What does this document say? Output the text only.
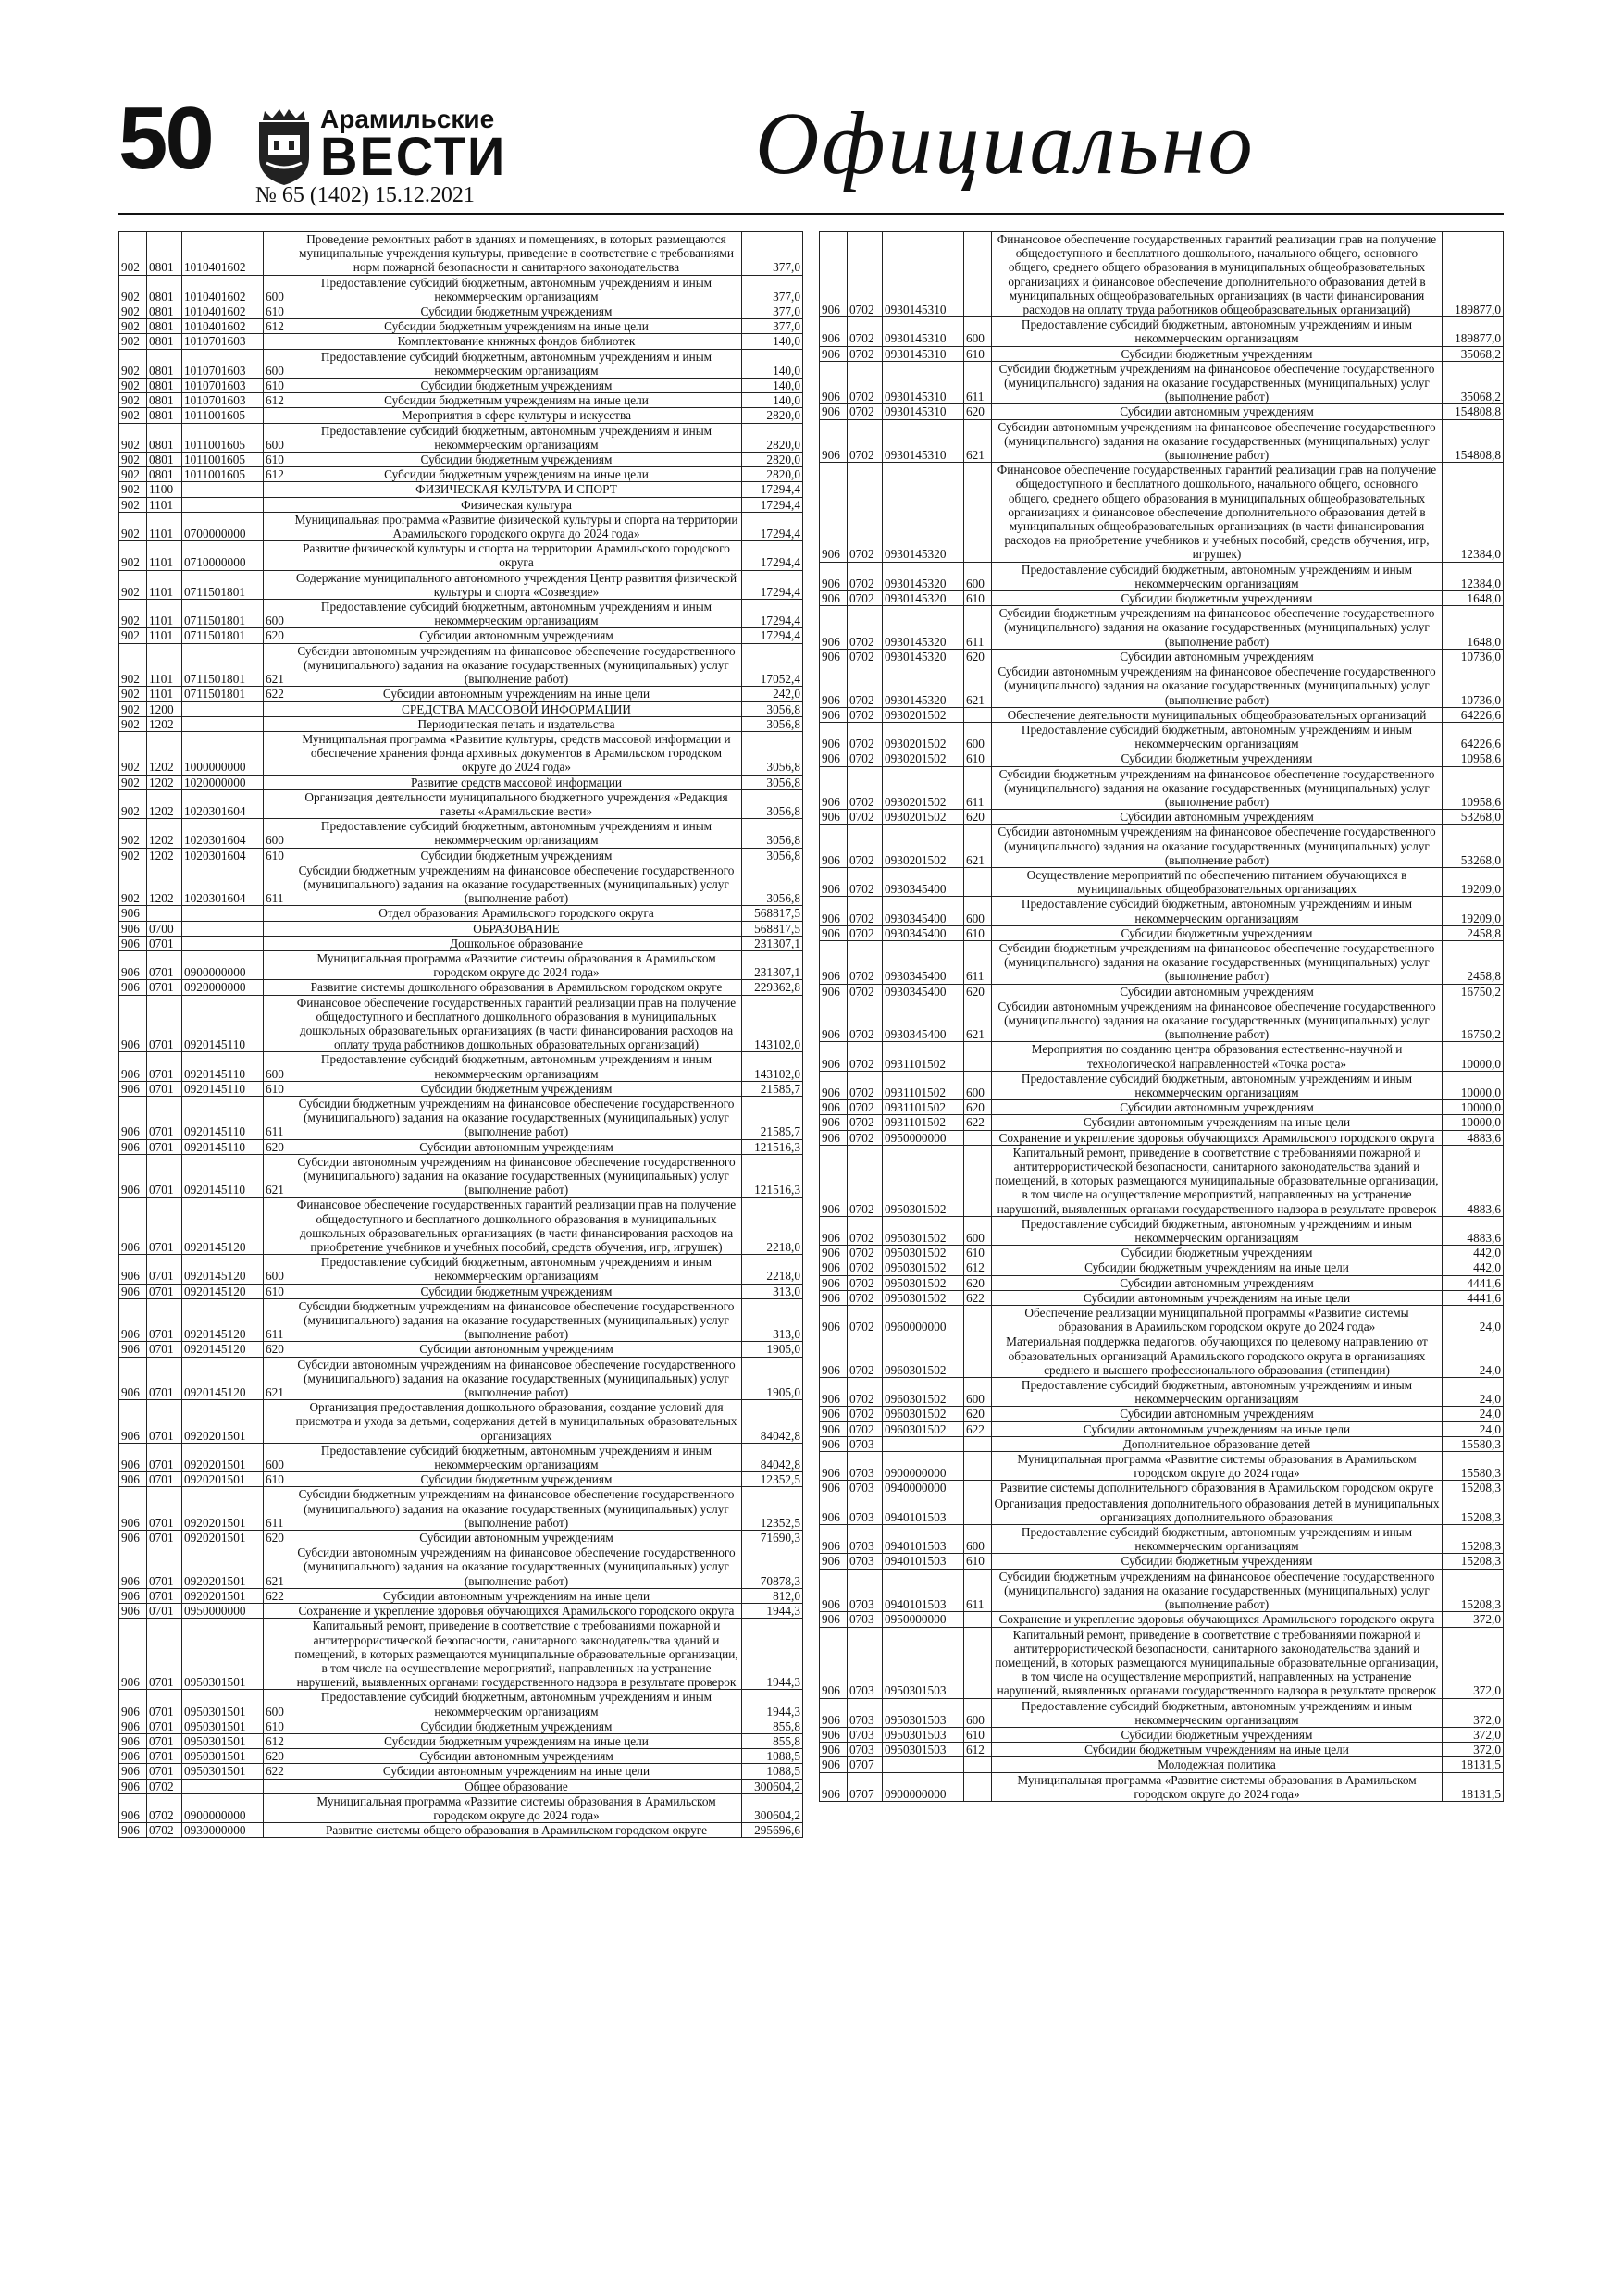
50	Арамильские
ВЕСТИ
№ 65 (1402) 15.12.2021
Официально
902	0801	1010401602		Проведение ремонтных работ в зданиях и помещениях, в которых размещаются муниципальные учреждения культуры, приведение в соответствие с требованиями норм пожарной безопасности и санитарного законодательства	377,0
902	0801	1010401602	600	Предоставление субсидий бюджетным, автономным учреждениям и иным некоммерческим организациям	377,0
902	0801	1010401602	610	Субсидии бюджетным учреждениям	377,0
902	0801	1010401602	612	Субсидии бюджетным учреждениям на иные цели	377,0
902	0801	1010701603		Комплектование книжных фондов библиотек	140,0
902	0801	1010701603	600	Предоставление субсидий бюджетным, автономным учреждениям и иным некоммерческим организациям	140,0
902	0801	1010701603	610	Субсидии бюджетным учреждениям	140,0
902	0801	1010701603	612	Субсидии бюджетным учреждениям на иные цели	140,0
902	0801	1011001605		Мероприятия в сфере культуры и искусства	2820,0
902	0801	1011001605	600	Предоставление субсидий бюджетным, автономным учреждениям и иным некоммерческим организациям	2820,0
902	0801	1011001605	610	Субсидии бюджетным учреждениям	2820,0
902	0801	1011001605	612	Субсидии бюджетным учреждениям на иные цели	2820,0
902	1100			ФИЗИЧЕСКАЯ КУЛЬТУРА И СПОРТ	17294,4
902	1101			Физическая культура	17294,4
902	1101	0700000000		Муниципальная программа «Развитие физической культуры и спорта на территории Арамильского городского округа до 2024 года»	17294,4
902	1101	0710000000		Развитие физической культуры и спорта на территории Арамильского городского округа	17294,4
902	1101	0711501801		Содержание муниципального автономного учреждения Центр развития физической культуры и спорта «Созвездие»	17294,4
902	1101	0711501801	600	Предоставление субсидий бюджетным, автономным учреждениям и иным некоммерческим организациям	17294,4
902	1101	0711501801	620	Субсидии автономным учреждениям	17294,4
902	1101	0711501801	621	Субсидии автономным учреждениям на финансовое обеспечение государственного (муниципального) задания на оказание государственных (муниципальных) услуг (выполнение работ)	17052,4
902	1101	0711501801	622	Субсидии автономным учреждениям на иные цели	242,0
902	1200			СРЕДСТВА МАССОВОЙ ИНФОРМАЦИИ	3056,8
902	1202			Периодическая печать и издательства	3056,8
902	1202	1000000000		Муниципальная программа «Развитие культуры, средств массовой информации и обеспечение хранения фонда архивных документов в Арамильском городском округе до 2024 года»	3056,8
902	1202	1020000000		Развитие средств массовой информации	3056,8
902	1202	1020301604		Организация деятельности муниципального бюджетного учреждения «Редакция газеты «Арамильские вести»	3056,8
902	1202	1020301604	600	Предоставление субсидий бюджетным, автономным учреждениям и иным некоммерческим организациям	3056,8
902	1202	1020301604	610	Субсидии бюджетным учреждениям	3056,8
902	1202	1020301604	611	Субсидии бюджетным учреждениям на финансовое обеспечение государственного (муниципального) задания на оказание государственных (муниципальных) услуг (выполнение работ)	3056,8
906				Отдел образования Арамильского городского округа	568817,5
906	0700			ОБРАЗОВАНИЕ	568817,5
906	0701			Дошкольное образование	231307,1
906	0701	0900000000		Муниципальная программа «Развитие системы образования в Арамильском городском округе до 2024 года»	231307,1
906	0701	0920000000		Развитие системы дошкольного образования в Арамильском городском округе	229362,8
906	0701	0920145110		Финансовое обеспечение государственных гарантий реализации прав на получение общедоступного и бесплатного дошкольного образования в муниципальных дошкольных образовательных организациях (в части финансирования расходов на оплату труда работников дошкольных образовательных организаций)	143102,0
906	0701	0920145110	600	Предоставление субсидий бюджетным, автономным учреждениям и иным некоммерческим организациям	143102,0
906	0701	0920145110	610	Субсидии бюджетным учреждениям	21585,7
906	0701	0920145110	611	Субсидии бюджетным учреждениям на финансовое обеспечение государственного (муниципального) задания на оказание государственных (муниципальных) услуг (выполнение работ)	21585,7
906	0701	0920145110	620	Субсидии автономным учреждениям	121516,3
906	0701	0920145110	621	Субсидии автономным учреждениям на финансовое обеспечение государственного (муниципального) задания на оказание государственных (муниципальных) услуг (выполнение работ)	121516,3
906	0701	0920145120		Финансовое обеспечение государственных гарантий реализации прав на получение общедоступного и бесплатного дошкольного образования в муниципальных дошкольных образовательных организациях (в части финансирования расходов на приобретение учебников и учебных пособий, средств обучения, игр, игрушек)	2218,0
906	0701	0920145120	600	Предоставление субсидий бюджетным, автономным учреждениям и иным некоммерческим организациям	2218,0
906	0701	0920145120	610	Субсидии бюджетным учреждениям	313,0
906	0701	0920145120	611	Субсидии бюджетным учреждениям на финансовое обеспечение государственного (муниципального) задания на оказание государственных (муниципальных) услуг (выполнение работ)	313,0
906	0701	0920145120	620	Субсидии автономным учреждениям	1905,0
906	0701	0920145120	621	Субсидии автономным учреждениям на финансовое обеспечение государственного (муниципального) задания на оказание государственных (муниципальных) услуг (выполнение работ)	1905,0
906	0701	0920201501		Организация предоставления дошкольного образования, создание условий для присмотра и ухода за детьми, содержания детей в муниципальных образовательных организациях	84042,8
906	0701	0920201501	600	Предоставление субсидий бюджетным, автономным учреждениям и иным некоммерческим организациям	84042,8
906	0701	0920201501	610	Субсидии бюджетным учреждениям	12352,5
906	0701	0920201501	611	Субсидии бюджетным учреждениям на финансовое обеспечение государственного (муниципального) задания на оказание государственных (муниципальных) услуг (выполнение работ)	12352,5
906	0701	0920201501	620	Субсидии автономным учреждениям	71690,3
906	0701	0920201501	621	Субсидии автономным учреждениям на финансовое обеспечение государственного (муниципального) задания на оказание государственных (муниципальных) услуг (выполнение работ)	70878,3
906	0701	0920201501	622	Субсидии автономным учреждениям на иные цели	812,0
906	0701	0950000000		Сохранение и укрепление здоровья обучающихся Арамильского городского округа	1944,3
906	0701	0950301501		Капитальный ремонт, приведение в соответствие с требованиями пожарной и антитеррористической безопасности, санитарного законодательства зданий и помещений, в которых размещаются муниципальные образовательные организации, в том числе на осуществление мероприятий, направленных на устранение нарушений, выявленных органами государственного надзора в результате проверок	1944,3
906	0701	0950301501	600	Предоставление субсидий бюджетным, автономным учреждениям и иным некоммерческим организациям	1944,3
906	0701	0950301501	610	Субсидии бюджетным учреждениям	855,8
906	0701	0950301501	612	Субсидии бюджетным учреждениям на иные цели	855,8
906	0701	0950301501	620	Субсидии автономным учреждениям	1088,5
906	0701	0950301501	622	Субсидии автономным учреждениям на иные цели	1088,5
906	0702			Общее образование	300604,2
906	0702	0900000000		Муниципальная программа «Развитие системы образования в Арамильском городском округе до 2024 года»	300604,2
906	0702	0930000000		Развитие системы общего образования в Арамильском городском округе	295696,6
906	0702	0930145310		Финансовое обеспечение государственных гарантий реализации прав на получение общедоступного и бесплатного дошкольного, начального общего, основного общего, среднего общего образования в муниципальных общеобразовательных организациях и финансовое обеспечение дополнительного образования детей в муниципальных общеобразовательных организациях (в части финансирования расходов на оплату труда работников общеобразовательных организаций)	189877,0
906	0702	0930145310	600	Предоставление субсидий бюджетным, автономным учреждениям и иным некоммерческим организациям	189877,0
906	0702	0930145310	610	Субсидии бюджетным учреждениям	35068,2
906	0702	0930145310	611	Субсидии бюджетным учреждениям на финансовое обеспечение государственного (муниципального) задания на оказание государственных (муниципальных) услуг (выполнение работ)	35068,2
906	0702	0930145310	620	Субсидии автономным учреждениям	154808,8
906	0702	0930145310	621	Субсидии автономным учреждениям на финансовое обеспечение государственного (муниципального) задания на оказание государственных (муниципальных) услуг (выполнение работ)	154808,8
906	0702	0930145320		Финансовое обеспечение государственных гарантий реализации прав на получение общедоступного и бесплатного дошкольного, начального общего, основного общего, среднего общего образования в муниципальных общеобразовательных организациях и финансовое обеспечение дополнительного образования детей в муниципальных общеобразовательных организациях (в части финансирования расходов на приобретение учебников и учебных пособий, средств обучения, игр, игрушек)	12384,0
906	0702	0930145320	600	Предоставление субсидий бюджетным, автономным учреждениям и иным некоммерческим организациям	12384,0
906	0702	0930145320	610	Субсидии бюджетным учреждениям	1648,0
906	0702	0930145320	611	Субсидии бюджетным учреждениям на финансовое обеспечение государственного (муниципального) задания на оказание государственных (муниципальных) услуг (выполнение работ)	1648,0
906	0702	0930145320	620	Субсидии автономным учреждениям	10736,0
906	0702	0930145320	621	Субсидии автономным учреждениям на финансовое обеспечение государственного (муниципального) задания на оказание государственных (муниципальных) услуг (выполнение работ)	10736,0
906	0702	0930201502		Обеспечение деятельности муниципальных общеобразовательных организаций	64226,6
906	0702	0930201502	600	Предоставление субсидий бюджетным, автономным учреждениям и иным некоммерческим организациям	64226,6
906	0702	0930201502	610	Субсидии бюджетным учреждениям	10958,6
906	0702	0930201502	611	Субсидии бюджетным учреждениям на финансовое обеспечение государственного (муниципального) задания на оказание государственных (муниципальных) услуг (выполнение работ)	10958,6
906	0702	0930201502	620	Субсидии автономным учреждениям	53268,0
906	0702	0930201502	621	Субсидии автономным учреждениям на финансовое обеспечение государственного (муниципального) задания на оказание государственных (муниципальных) услуг (выполнение работ)	53268,0
906	0702	0930345400		Осуществление мероприятий по обеспечению питанием обучающихся в муниципальных общеобразовательных организациях	19209,0
906	0702	0930345400	600	Предоставление субсидий бюджетным, автономным учреждениям и иным некоммерческим организациям	19209,0
906	0702	0930345400	610	Субсидии бюджетным учреждениям	2458,8
906	0702	0930345400	611	Субсидии бюджетным учреждениям на финансовое обеспечение государственного (муниципального) задания на оказание государственных (муниципальных) услуг (выполнение работ)	2458,8
906	0702	0930345400	620	Субсидии автономным учреждениям	16750,2
906	0702	0930345400	621	Субсидии автономным учреждениям на финансовое обеспечение государственного (муниципального) задания на оказание государственных (муниципальных) услуг (выполнение работ)	16750,2
906	0702	0931101502		Мероприятия по созданию центра образования естественно-научной и технологической направленностей «Точка роста»	10000,0
906	0702	0931101502	600	Предоставление субсидий бюджетным, автономным учреждениям и иным некоммерческим организациям	10000,0
906	0702	0931101502	620	Субсидии автономным учреждениям	10000,0
906	0702	0931101502	622	Субсидии автономным учреждениям на иные цели	10000,0
906	0702	0950000000		Сохранение и укрепление здоровья обучающихся Арамильского городского округа	4883,6
906	0702	0950301502		Капитальный ремонт, приведение в соответствие с требованиями пожарной и антитеррористической безопасности, санитарного законодательства зданий и помещений, в которых размещаются муниципальные образовательные организации, в том числе на осуществление мероприятий, направленных на устранение нарушений, выявленных органами государственного надзора в результате проверок	4883,6
906	0702	0950301502	600	Предоставление субсидий бюджетным, автономным учреждениям и иным некоммерческим организациям	4883,6
906	0702	0950301502	610	Субсидии бюджетным учреждениям	442,0
906	0702	0950301502	612	Субсидии бюджетным учреждениям на иные цели	442,0
906	0702	0950301502	620	Субсидии автономным учреждениям	4441,6
906	0702	0950301502	622	Субсидии автономным учреждениям на иные цели	4441,6
906	0702	0960000000		Обеспечение реализации муниципальной программы «Развитие системы образования в Арамильском городском округе до 2024 года»	24,0
906	0702	0960301502		Материальная поддержка педагогов, обучающихся по целевому направлению от образовательных организаций Арамильского городского округа в организациях среднего и высшего профессионального образования (стипендии)	24,0
906	0702	0960301502	600	Предоставление субсидий бюджетным, автономным учреждениям и иным некоммерческим организациям	24,0
906	0702	0960301502	620	Субсидии автономным учреждениям	24,0
906	0702	0960301502	622	Субсидии автономным учреждениям на иные цели	24,0
906	0703			Дополнительное образование детей	15580,3
906	0703	0900000000		Муниципальная программа «Развитие системы образования в Арамильском городском округе до 2024 года»	15580,3
906	0703	0940000000		Развитие системы дополнительного образования в Арамильском городском округе	15208,3
906	0703	0940101503		Организация предоставления дополнительного образования детей в муниципальных организациях дополнительного образования	15208,3
906	0703	0940101503	600	Предоставление субсидий бюджетным, автономным учреждениям и иным некоммерческим организациям	15208,3
906	0703	0940101503	610	Субсидии бюджетным учреждениям	15208,3
906	0703	0940101503	611	Субсидии бюджетным учреждениям на финансовое обеспечение государственного (муниципального) задания на оказание государственных (муниципальных) услуг (выполнение работ)	15208,3
906	0703	0950000000		Сохранение и укрепление здоровья обучающихся Арамильского городского округа	372,0
906	0703	0950301503		Капитальный ремонт, приведение в соответствие с требованиями пожарной и антитеррористической безопасности, санитарного законодательства зданий и помещений, в которых размещаются муниципальные образовательные организации, в том числе на осуществление мероприятий, направленных на устранение нарушений, выявленных органами государственного надзора в результате проверок	372,0
906	0703	0950301503	600	Предоставление субсидий бюджетным, автономным учреждениям и иным некоммерческим организациям	372,0
906	0703	0950301503	610	Субсидии бюджетным учреждениям	372,0
906	0703	0950301503	612	Субсидии бюджетным учреждениям на иные цели	372,0
906	0707			Молодежная политика	18131,5
906	0707	0900000000		Муниципальная программа «Развитие системы образования в Арамильском городском округе до 2024 года»	18131,5
